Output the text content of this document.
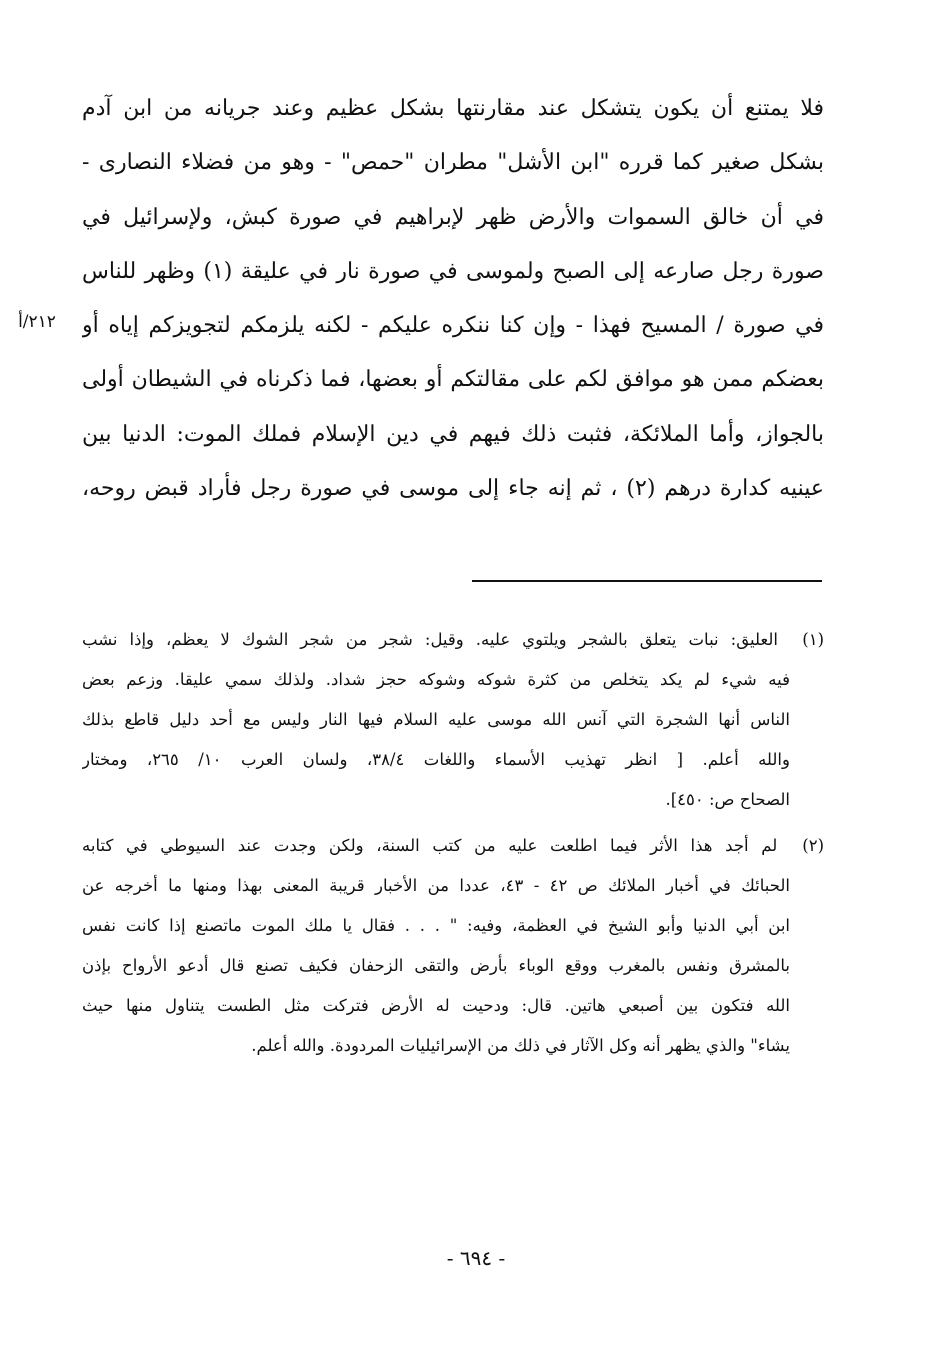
٢١٢/أ
فلا يمتنع أن يكون يتشكل عند مقارنتها بشكل عظيم وعند جريانه من ابن آدم
بشكل صغير كما قرره "ابن الأشل" مطران "حمص" - وهو من فضلاء النصارى -
في أن خالق السموات والأرض ظهر لإبراهيم في صورة كبش، ولإسرائيل في
صورة رجل صارعه إلى الصبح ولموسى في صورة نار في عليقة (١) وظهر للناس
في صورة / المسيح فهذا - وإن كنا ننكره عليكم - لكنه يلزمكم لتجويزكم إياه أو
بعضكم ممن هو موافق لكم على مقالتكم أو بعضها، فما ذكرناه في الشيطان أولى
بالجواز، وأما الملائكة، فثبت ذلك فيهم في دين الإسلام فملك الموت: الدنيا بين
عينيه كدارة درهم (٢) ، ثم إنه جاء إلى موسى في صورة رجل فأراد قبض روحه،
(١) العليق: نبات يتعلق بالشجر ويلتوي عليه. وقيل: شجر من شجر الشوك لا يعظم، وإذا نشب
فيه شيء لم يكد يتخلص من كثرة شوكه وشوكه حجز شداد. ولذلك سمي عليقا. وزعم بعض
الناس أنها الشجرة التي آنس الله موسى عليه السلام فيها النار وليس مع أحد دليل قاطع بذلك
والله أعلم. [ انظر تهذيب الأسماء واللغات ٣٨/٤، ولسان العرب ١٠/ ٢٦٥، ومختار
الصحاح ص: ٤٥٠].
(٢) لم أجد هذا الأثر فيما اطلعت عليه من كتب السنة، ولكن وجدت عند السيوطي في كتابه
الحبائك في أخبار الملائك ص ٤٢ - ٤٣، عددا من الأخبار قريبة المعنى بهذا ومنها ما أخرجه عن
ابن أبي الدنيا وأبو الشيخ في العظمة، وفيه: " . . . فقال يا ملك الموت ماتصنع إذا كانت نفس
بالمشرق ونفس بالمغرب ووقع الوباء بأرض والتقى الزحفان فكيف تصنع قال أدعو الأرواح بإذن
الله فتكون بين أصبعي هاتين. قال: ودحيت له الأرض فتركت مثل الطست يتناول منها حيث
يشاء" والذي يظهر أنه وكل الآثار في ذلك من الإسرائيليات المردودة. والله أعلم.
- ٦٩٤ -
